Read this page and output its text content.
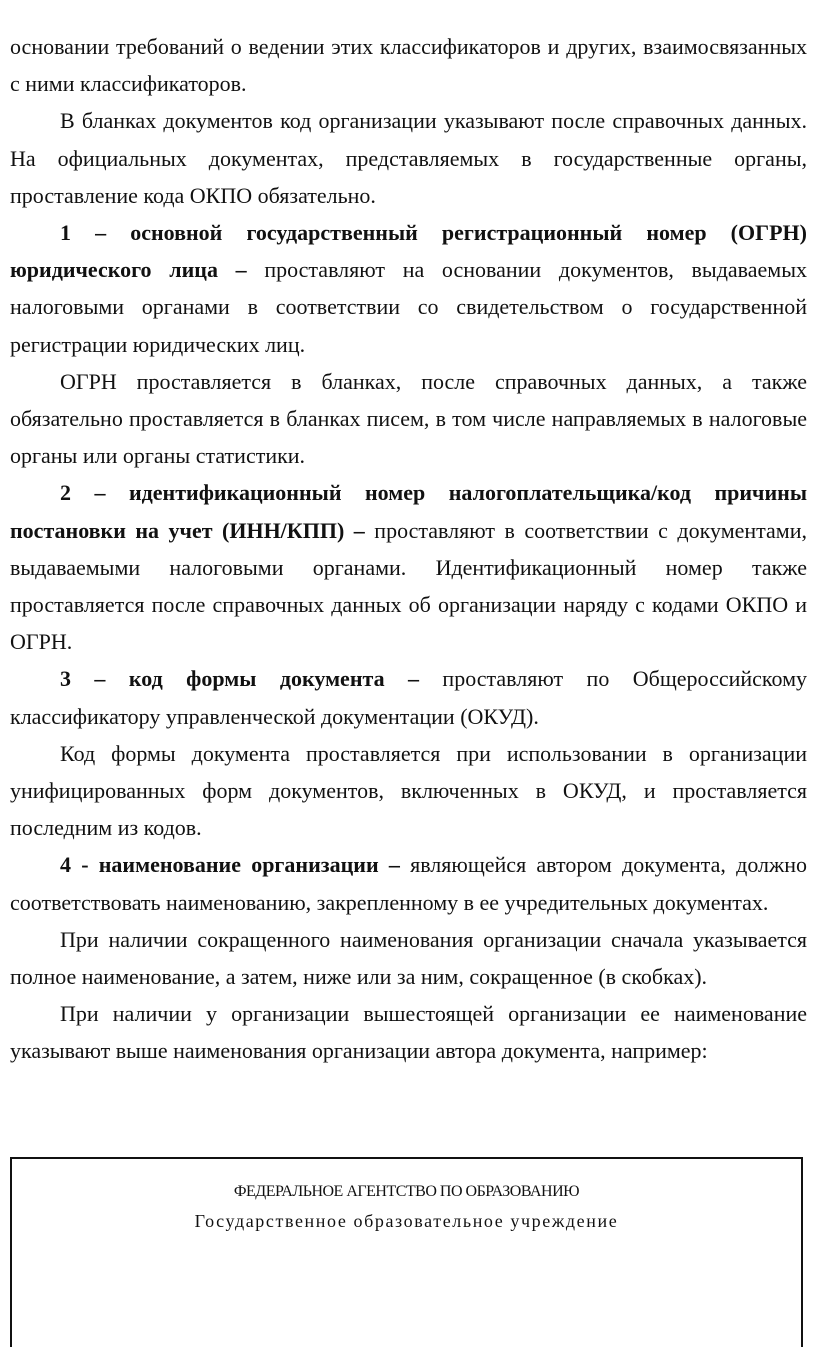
основании требований о ведении этих классификаторов и других, взаимосвязанных с ними классификаторов.

В бланках документов код организации указывают после справочных данных. На официальных документах, представляемых в государственные органы, проставление кода ОКПО обязательно.

1 – основной государственный регистрационный номер (ОГРН) юридического лица – проставляют на основании документов, выдаваемых налоговыми органами в соответствии со свидетельством о государственной регистрации юридических лиц.

ОГРН проставляется в бланках, после справочных данных, а также обязательно проставляется в бланках писем, в том числе направляемых в налоговые органы или органы статистики.

2 – идентификационный номер налогоплательщика/код причины постановки на учет (ИНН/КПП) – проставляют в соответствии с документами, выдаваемыми налоговыми органами. Идентификационный номер также проставляется после справочных данных об организации наряду с кодами ОКПО и ОГРН.

3 – код формы документа – проставляют по Общероссийскому классификатору управленческой документации (ОКУД).

Код формы документа проставляется при использовании в организации унифицированных форм документов, включенных в ОКУД, и проставляется последним из кодов.

4 - наименование организации – являющейся автором документа, должно соответствовать наименованию, закрепленному в ее учредительных документах.

При наличии сокращенного наименования организации сначала указывается полное наименование, а затем, ниже или за ним, сокращенное (в скобках).

При наличии у организации вышестоящей организации ее наименование указывают выше наименования организации автора документа, например:

ФЕДЕРАЛЬНОЕ АГЕНТСТВО ПО ОБРАЗОВАНИЮ
Государственное образовательное учреждение
